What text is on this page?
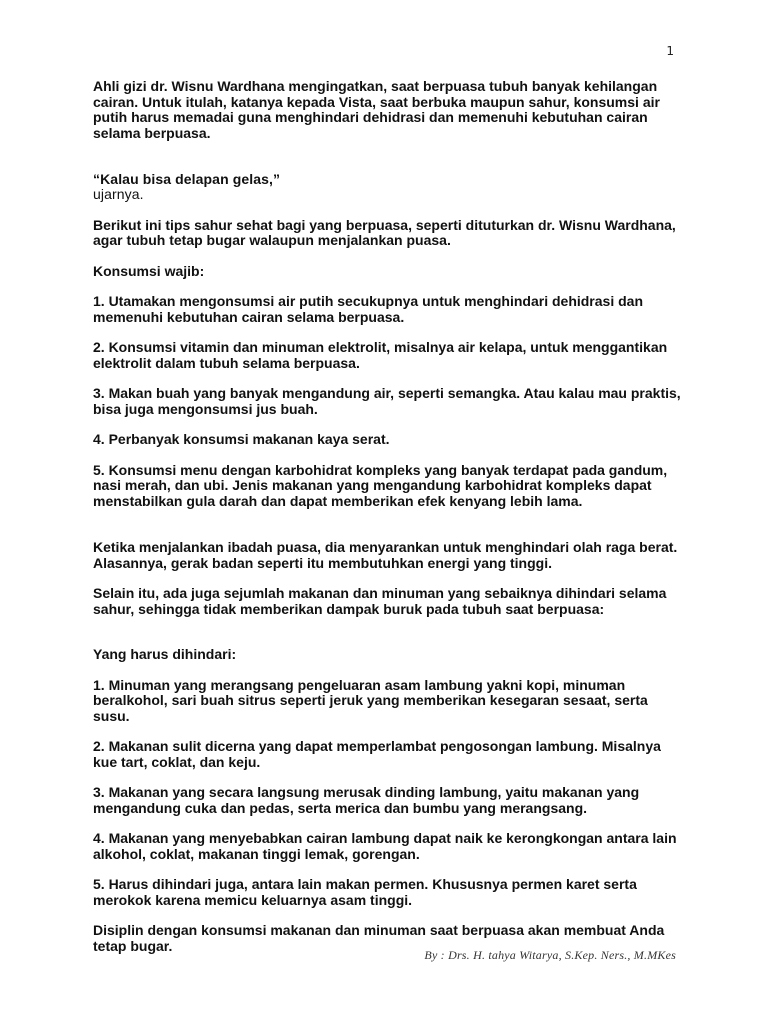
1

Ahli gizi dr. Wisnu Wardhana mengingatkan, saat berpuasa tubuh banyak kehilangan cairan. Untuk itulah, katanya kepada Vista, saat berbuka maupun sahur, konsumsi air putih harus memadai guna menghindari dehidrasi dan memenuhi kebutuhan cairan selama berpuasa.

“Kalau bisa delapan gelas,”
ujarnya.

Berikut ini tips sahur sehat bagi yang berpuasa, seperti dituturkan dr. Wisnu Wardhana, agar tubuh tetap bugar walaupun menjalankan puasa.

Konsumsi wajib:

1. Utamakan mengonsumsi air putih secukupnya untuk menghindari dehidrasi dan memenuhi kebutuhan cairan selama berpuasa.

2. Konsumsi vitamin dan minuman elektrolit, misalnya air kelapa, untuk menggantikan elektrolit dalam tubuh selama berpuasa.

3. Makan buah yang banyak mengandung air, seperti semangka. Atau kalau mau praktis, bisa juga mengonsumsi jus buah.

4. Perbanyak konsumsi makanan kaya serat.

5. Konsumsi menu dengan karbohidrat kompleks yang banyak terdapat pada gandum, nasi merah, dan ubi. Jenis makanan yang mengandung karbohidrat kompleks dapat menstabilkan gula darah dan dapat memberikan efek kenyang lebih lama.

Ketika menjalankan ibadah puasa, dia menyarankan untuk menghindari olah raga berat. Alasannya, gerak badan seperti itu membutuhkan energi yang tinggi.

Selain itu, ada juga sejumlah makanan dan minuman yang sebaiknya dihindari selama sahur, sehingga tidak memberikan dampak buruk pada tubuh saat berpuasa:

Yang harus dihindari:

1. Minuman yang merangsang pengeluaran asam lambung yakni kopi, minuman beralkohol, sari buah sitrus seperti jeruk yang memberikan kesegaran sesaat, serta susu.

2. Makanan sulit dicerna yang dapat memperlambat pengosongan lambung. Misalnya kue tart, coklat, dan keju.

3. Makanan yang secara langsung merusak dinding lambung, yaitu makanan yang mengandung cuka dan pedas, serta merica dan bumbu yang merangsang.

4. Makanan yang menyebabkan cairan lambung dapat naik ke kerongkongan antara lain alkohol, coklat, makanan tinggi lemak, gorengan.

5. Harus dihindari juga, antara lain makan permen. Khususnya permen karet serta merokok karena memicu keluarnya asam tinggi.

Disiplin dengan konsumsi makanan dan minuman saat berpuasa akan membuat Anda tetap bugar.

By : Drs. H. tahya Witarya, S.Kep. Ners., M.MKes
